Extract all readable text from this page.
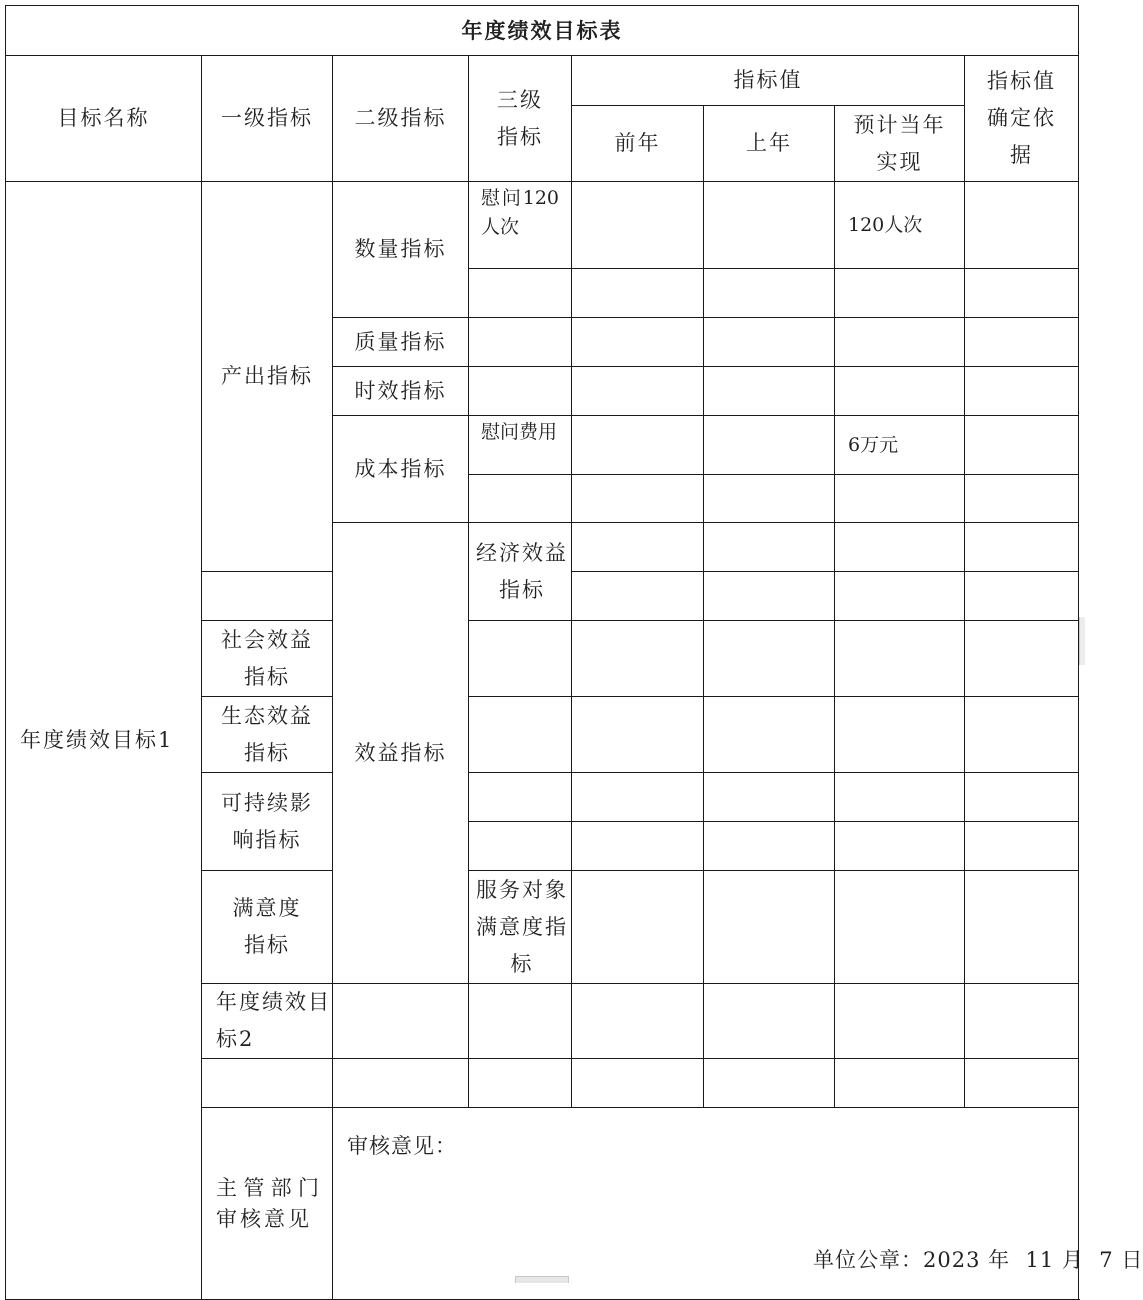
年度绩效目标表								
目标名称	一级指标	二级指标	三级指标	指标值			指标值确定依据	

				前年	上年	预计当年实现		

年度绩效目标1	产出指标	数量指标	慰问120人次			120人次		

		质量指标						
		时效指标						
		成本指标	慰问费用			6万元		

		效益指标	经济效益指标					

	社会效益指标							

	生态效益指标							

	可持续影响指标							

	满意度指标		服务对象满意度指标					

	年度绩效目标2							

	主管部门审核意见	审核意见：
单位公章：2023 年 11 月 7 日						
